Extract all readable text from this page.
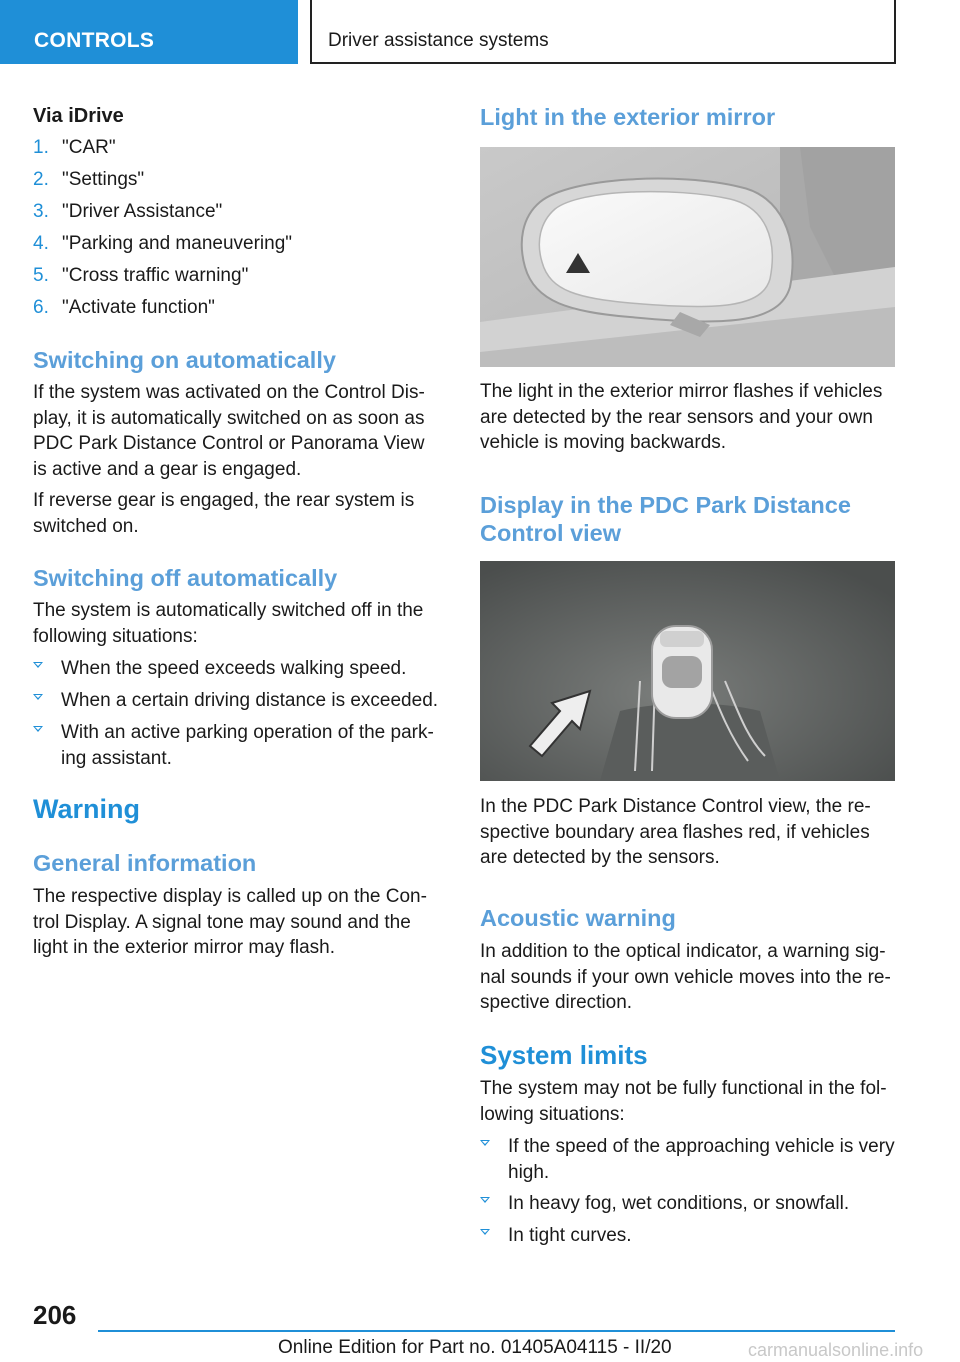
CONTROLS	Driver assistance systems
Via iDrive
1. "CAR"
2. "Settings"
3. "Driver Assistance"
4. "Parking and maneuvering"
5. "Cross traffic warning"
6. "Activate function"
Switching on automatically

If the system was activated on the Control Dis‐play, it is automatically switched on as soon as PDC Park Distance Control or Panorama View is active and a gear is engaged.

If reverse gear is engaged, the rear system is switched on.

Switching off automatically

The system is automatically switched off in the following situations:

When the speed exceeds walking speed.
When a certain driving distance is exceeded.
With an active parking operation of the park‐ing assistant.
Warning
General information

The respective display is called up on the Con‐trol Display. A signal tone may sound and the light in the exterior mirror may flash.

Light in the exterior mirror

The light in the exterior mirror flashes if vehicles are detected by the rear sensors and your own vehicle is moving backwards.

Display in the PDC Park Distance Control view

In the PDC Park Distance Control view, the re‐spective boundary area flashes red, if vehicles are detected by the sensors.

Acoustic warning

In addition to the optical indicator, a warning sig‐nal sounds if your own vehicle moves into the re‐spective direction.

System limits

The system may not be fully functional in the fol‐lowing situations:

If the speed of the approaching vehicle is very high.
In heavy fog, wet conditions, or snowfall.
In tight curves.
206
Online Edition for Part no. 01405A04115 - II/20	carmanualsonline.info
